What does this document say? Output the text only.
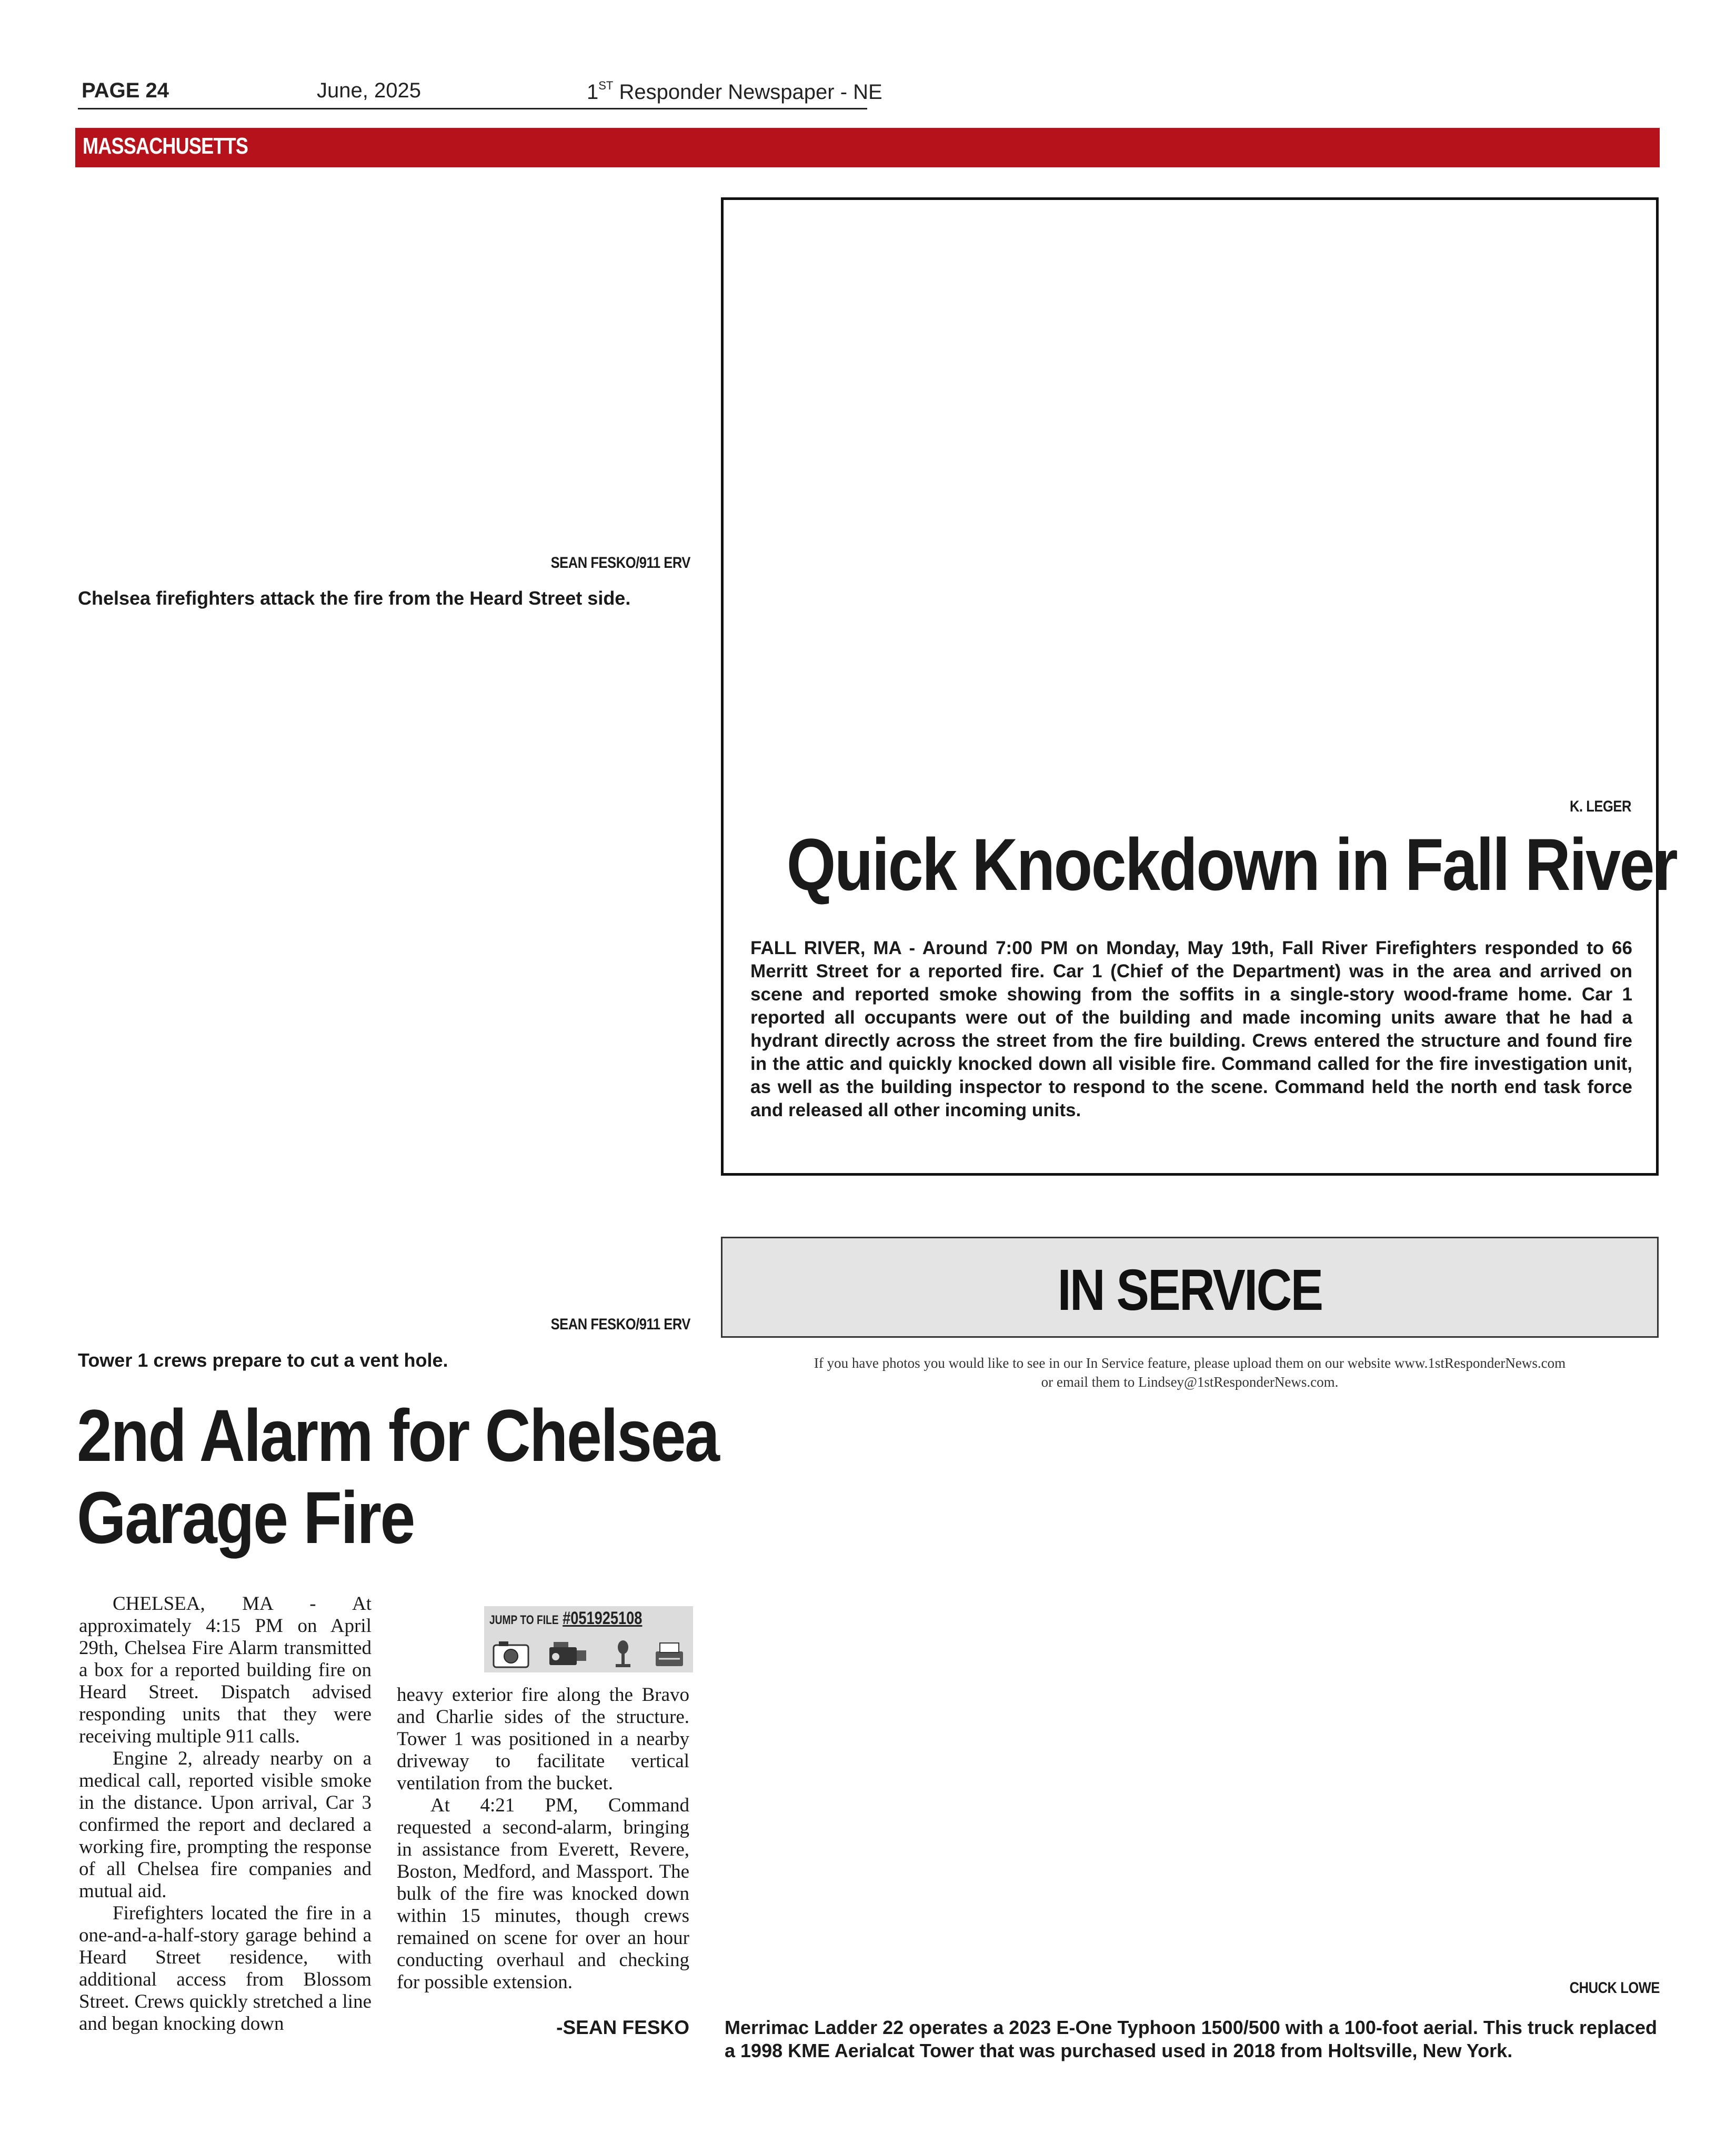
PAGE 24	June, 2025	1ST Responder Newspaper - NE
MASSACHUSETTS
SEAN FESKO/911 ERV
Chelsea firefighters attack the fire from the Heard Street side.
SEAN FESKO/911 ERV
Tower 1 crews prepare to cut a vent hole.
2nd Alarm for Chelsea
Garage Fire
JUMP TO FILE #051925108

CHELSEA, MA - At approximately 4:15 PM on April 29th, Chelsea Fire Alarm transmitted a box for a reported building fire on Heard Street. Dispatch advised responding units that they were receiving multiple 911 calls.

Engine 2, already nearby on a medical call, reported visible smoke in the distance. Upon arrival, Car 3 confirmed the report and declared a working fire, prompting the response of all Chelsea fire companies and mutual aid.

Firefighters located the fire in a one-and-a-half-story garage behind a Heard Street residence, with additional access from Blossom Street. Crews quickly stretched a line and began knocking down

heavy exterior fire along the Bravo and Charlie sides of the structure. Tower 1 was positioned in a nearby driveway to facilitate vertical ventilation from the bucket.

At 4:21 PM, Command requested a second-alarm, bringing in assistance from Everett, Revere, Boston, Medford, and Massport. The bulk of the fire was knocked down within 15 minutes, though crews remained on scene for over an hour conducting overhaul and checking for possible extension.

-SEAN FESKO
K. LEGER
Quick Knockdown in Fall River
FALL RIVER, MA - Around 7:00 PM on Monday, May 19th, Fall River Firefighters responded to 66 Merritt Street for a reported fire. Car 1 (Chief of the Department) was in the area and arrived on scene and reported smoke showing from the soffits in a single-story wood-frame home. Car 1 reported all occupants were out of the building and made incoming units aware that he had a hydrant directly across the street from the fire building. Crews entered the structure and found fire in the attic and quickly knocked down all visible fire. Command called for the fire investigation unit, as well as the building inspector to respond to the scene. Command held the north end task force and released all other incoming units.
IN SERVICE
If you have photos you would like to see in our In Service feature, please upload them on our website www.1stResponderNews.com
or email them to Lindsey@1stResponderNews.com.
CHUCK LOWE
Merrimac Ladder 22 operates a 2023 E-One Typhoon 1500/500 with a 100-foot aerial. This truck replaced a 1998 KME Aerialcat Tower that was purchased used in 2018 from Holtsville, New York.
